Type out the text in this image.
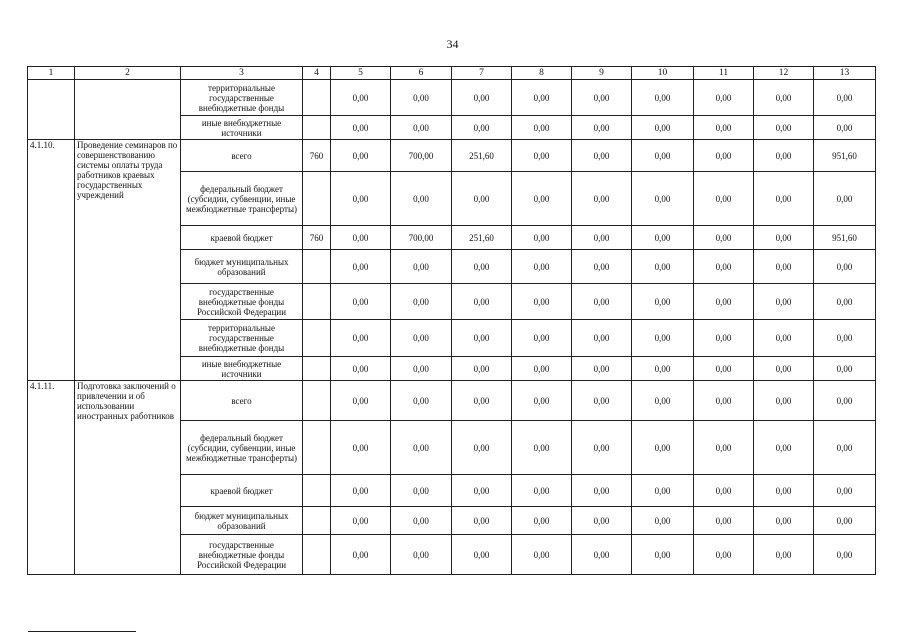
34
1	2	3	4	5	6	7	8	9	10	11	12	13
		территориальные государственные внебюджетные фонды		0,00	0,00	0,00	0,00	0,00	0,00	0,00	0,00	0,00
		иные внебюджетные источники		0,00	0,00	0,00	0,00	0,00	0,00	0,00	0,00	0,00
4.1.10.	Проведение семинаров по совершенствованию системы оплаты труда работников краевых государственных учреждений	всего	760	0,00	700,00	251,60	0,00	0,00	0,00	0,00	0,00	951,60
		федеральный бюджет (субсидии, субвенции, иные межбюджетные трансферты)		0,00	0,00	0,00	0,00	0,00	0,00	0,00	0,00	0,00
		краевой бюджет	760	0,00	700,00	251,60	0,00	0,00	0,00	0,00	0,00	951,60
		бюджет муниципальных образований		0,00	0,00	0,00	0,00	0,00	0,00	0,00	0,00	0,00
		государственные внебюджетные фонды Российской Федерации		0,00	0,00	0,00	0,00	0,00	0,00	0,00	0,00	0,00
		территориальные государственные внебюджетные фонды		0,00	0,00	0,00	0,00	0,00	0,00	0,00	0,00	0,00
		иные внебюджетные источники		0,00	0,00	0,00	0,00	0,00	0,00	0,00	0,00	0,00
4.1.11.	Подготовка заключений о привлечении и об использовании иностранных работников	всего		0,00	0,00	0,00	0,00	0,00	0,00	0,00	0,00	0,00
		федеральный бюджет (субсидии, субвенции, иные межбюджетные трансферты)		0,00	0,00	0,00	0,00	0,00	0,00	0,00	0,00	0,00
		краевой бюджет		0,00	0,00	0,00	0,00	0,00	0,00	0,00	0,00	0,00
		бюджет муниципальных образований		0,00	0,00	0,00	0,00	0,00	0,00	0,00	0,00	0,00
		государственные внебюджетные фонды Российской Федерации		0,00	0,00	0,00	0,00	0,00	0,00	0,00	0,00	0,00
